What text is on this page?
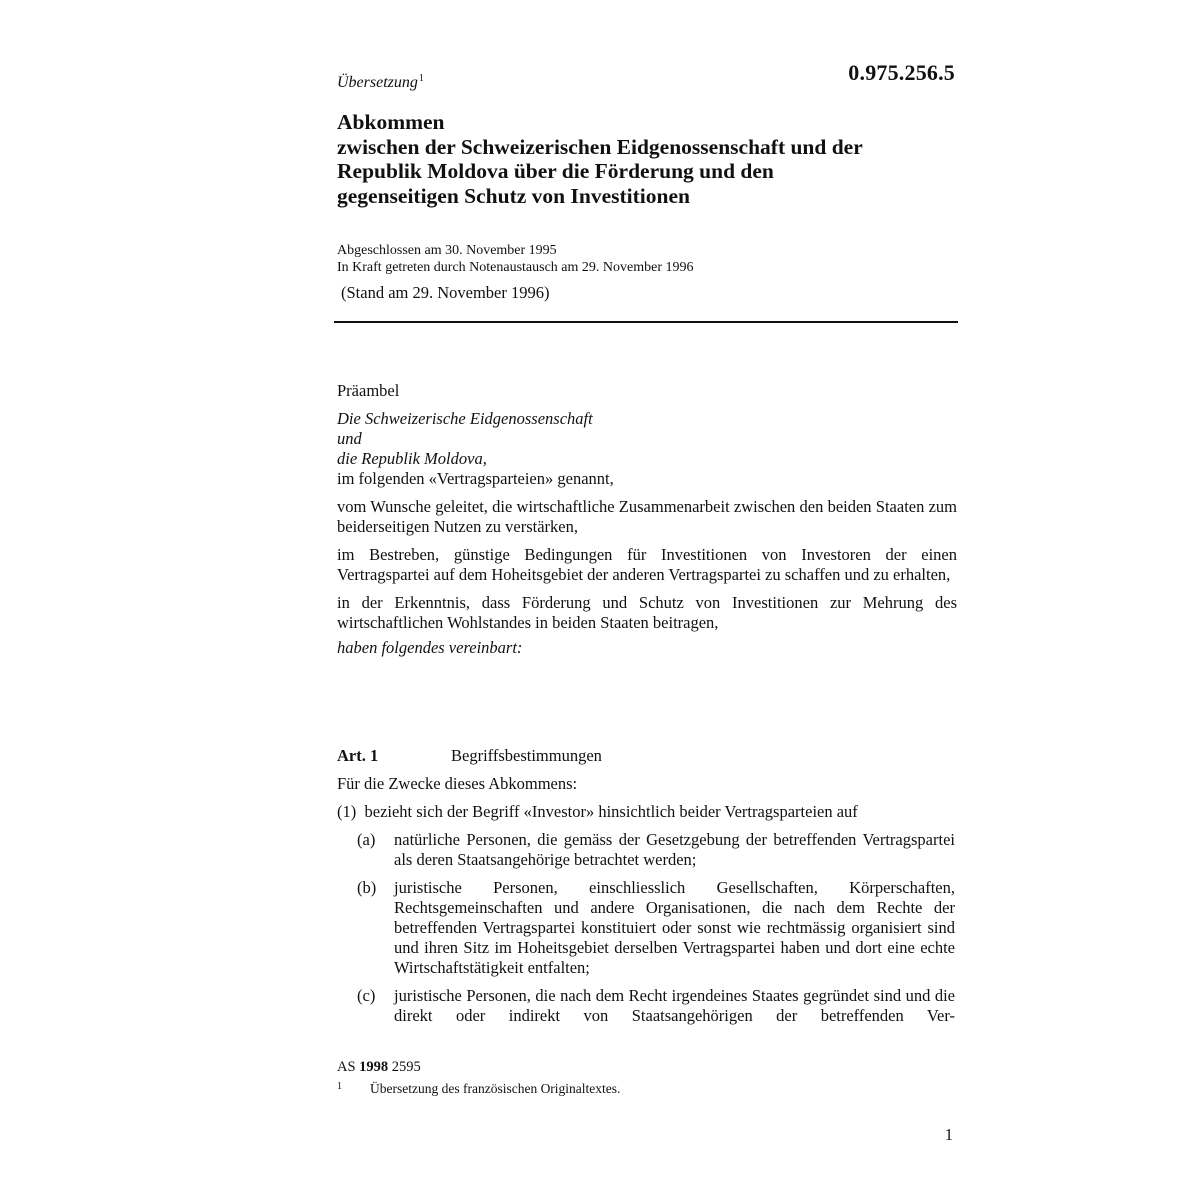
0.975.256.5
Übersetzung$^1$
Abkommen
zwischen der Schweizerischen Eidgenossenschaft und der
Republik Moldova über die Förderung und den
gegenseitigen Schutz von Investitionen
Abgeschlossen am 30. November 1995
In Kraft getreten durch Notenaustausch am 29. November 1996
(Stand am 29. November 1996)
Präambel
Die Schweizerische Eidgenossenschaft
und
die Republik Moldova,
im folgenden «Vertragsparteien» genannt,
vom Wunsche geleitet, die wirtschaftliche Zusammenarbeit zwischen den beiden Staaten zum beiderseitigen Nutzen zu verstärken,
im Bestreben, günstige Bedingungen für Investitionen von Investoren der einen Vertragspartei auf dem Hoheitsgebiet der anderen Vertragspartei zu schaffen und zu erhalten,
in der Erkenntnis, dass Förderung und Schutz von Investitionen zur Mehrung des wirtschaftlichen Wohlstandes in beiden Staaten beitragen,
haben folgendes vereinbart:
Art. 1	Begriffsbestimmungen
Für die Zwecke dieses Abkommens:
(1)  bezieht sich der Begriff «Investor» hinsichtlich beider Vertragsparteien auf
(a)	natürliche Personen, die gemäss der Gesetzgebung der betreffenden Vertragspartei als deren Staatsangehörige betrachtet werden;
(b)	juristische Personen, einschliesslich Gesellschaften, Körperschaften, Rechtsgemeinschaften und andere Organisationen, die nach dem Rechte der betreffenden Vertragspartei konstituiert oder sonst wie rechtmässig organisiert sind und ihren Sitz im Hoheitsgebiet derselben Vertragspartei haben und dort eine echte Wirtschaftstätigkeit entfalten;
(c)	juristische Personen, die nach dem Recht irgendeines Staates gegründet sind und die direkt oder indirekt von Staatsangehörigen der betreffenden Ver-
AS 1998 2595
1 Übersetzung des französischen Originaltextes.
1
